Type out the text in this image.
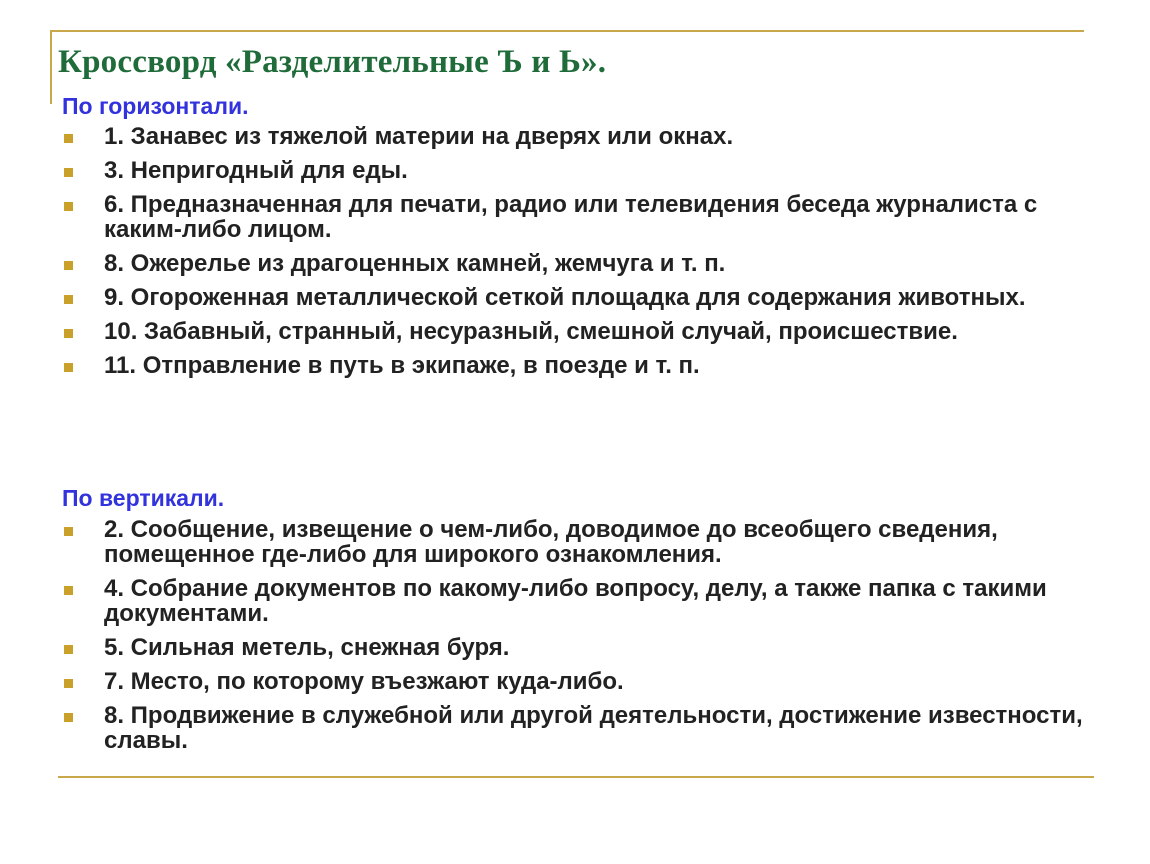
Кроссворд «Разделительные Ъ и Ь».
По горизонтали.
1. Занавес из тяжелой материи на дверях или окнах.
3. Непригодный для еды.
6. Предназначенная для печати, радио или телевидения беседа журналиста с каким-либо лицом.
8. Ожерелье из драгоценных камней, жемчуга и т. п.
9. Огороженная металлической сеткой площадка для содержания животных.
10. Забавный, странный, несуразный, смешной случай, происшествие.
11. Отправление в путь в экипаже, в поезде и т. п.
По вертикали.
2. Сообщение, извещение о чем-либо, доводимое до всеобщего сведения, помещенное где-либо для широкого ознакомления.
4. Собрание документов по какому-либо вопросу, делу, а также папка с такими документами.
5. Сильная метель, снежная буря.
7. Место, по которому въезжают куда-либо.
8. Продвижение в служебной или другой деятельности, достижение известности, славы.
